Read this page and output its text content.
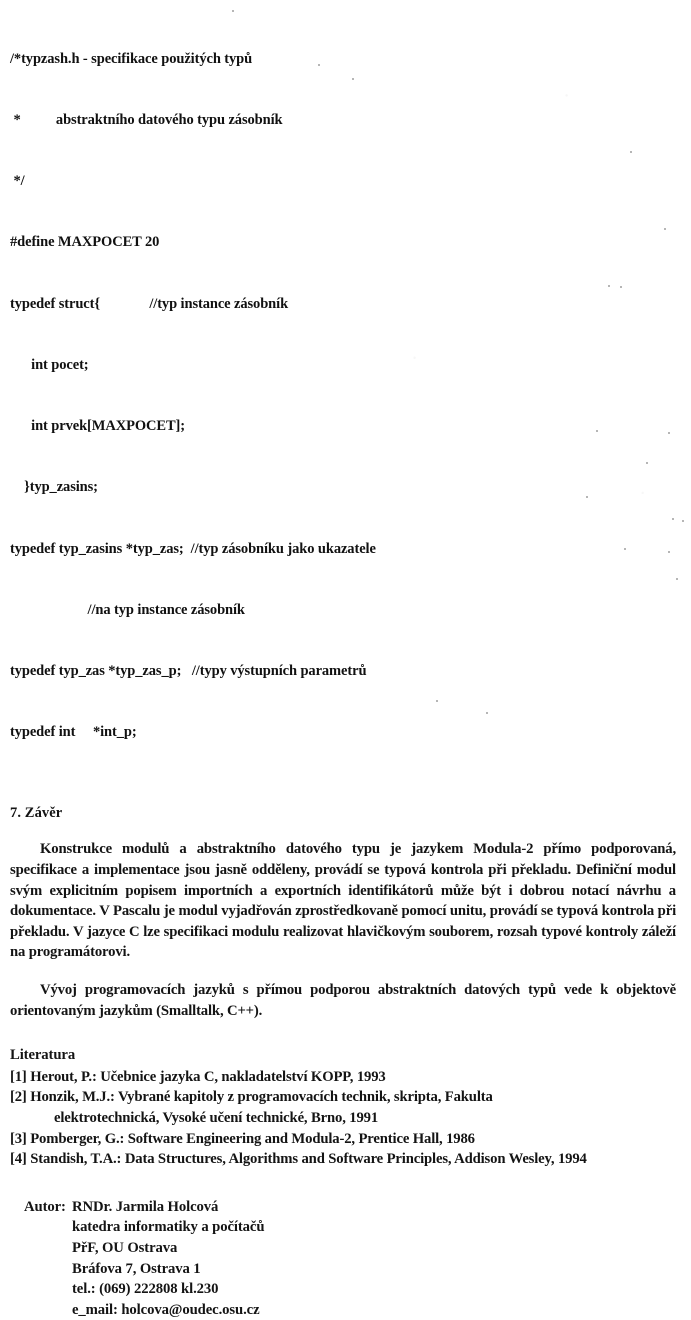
/*typzash.h - specifikace použitých typů

*          abstraktního datového typu zásobník

*/

#define MAXPOCET 20

typedef struct{              //typ instance zásobník

int pocet;

int prvek[MAXPOCET];

}typ_zasins;

typedef typ_zasins *typ_zas;  //typ zásobníku jako ukazatele

//na typ instance zásobník

typedef typ_zas *typ_zas_p;   //typy výstupních parametrů

typedef int     *int_p;

7. Závěr

Konstrukce modulů a abstraktního datového typu je jazykem Modula-2 přímo podporovaná, specifikace a implementace jsou jasně odděleny, provádí se typová kontrola při překladu. Definiční modul svým explicitním popisem importních a exportních identifikátorů může být i dobrou notací návrhu a dokumentace. V Pascalu je modul vyjadřován zprostředkovaně pomocí unitu, provádí se typová kontrola při překladu. V jazyce C lze specifikaci modulu realizovat hlavičkovým souborem, rozsah typové kontroly záleží na programátorovi.

Vývoj programovacích jazyků s přímou podporou abstraktních datových typů vede k objektově orientovaným jazykům (Smalltalk, C++).

Literatura
[1] Herout, P.: Učebnice jazyka C, nakladatelství KOPP, 1993
[2] Honzik, M.J.: Vybrané kapitoly z programovacích technik, skripta, Fakulta
elektrotechnická, Vysoké učení technické, Brno, 1991
[3] Pomberger, G.: Software Engineering and Modula-2, Prentice Hall, 1986
[4] Standish, T.A.: Data Structures, Algorithms and Software Principles, Addison Wesley, 1994
Autor: RNDr. Jarmila Holcová
katedra informatiky a počítačů
PřF, OU Ostrava
Bráfova 7, Ostrava 1
tel.: (069) 222808 kl.230
e_mail: holcova@oudec.osu.cz
